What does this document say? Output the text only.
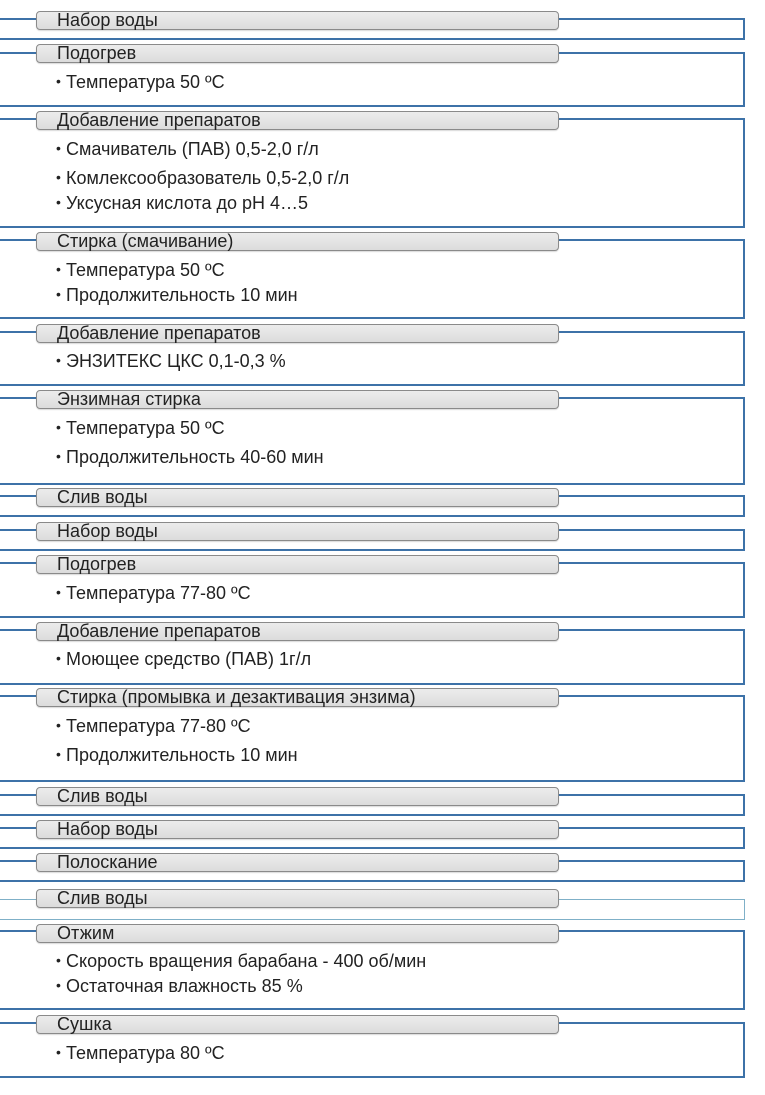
Набор воды
Подогрев
•Температура 50 ºС
Добавление препаратов
•Смачиватель (ПАВ) 0,5-2,0 г/л
•Комлексообразователь 0,5-2,0 г/л
•Уксусная кислота до рН 4…5
Стирка (смачивание)
•Температура 50 ºС
•Продолжительность 10 мин
Добавление препаратов
•ЭНЗИТЕКС ЦКС 0,1-0,3 %
Энзимная стирка
•Температура 50 ºС
•Продолжительность 40-60 мин
Слив воды
Набор воды
Подогрев
•Температура 77-80 ºС
Добавление препаратов
•Моющее средство (ПАВ) 1г/л
Стирка (промывка и дезактивация энзима)
•Температура 77-80 ºС
•Продолжительность 10 мин
Слив воды
Набор воды
Полоскание
Слив воды
Отжим
•Скорость вращения барабана - 400 об/мин
•Остаточная влажность 85 %
Сушка
•Температура 80 ºС
